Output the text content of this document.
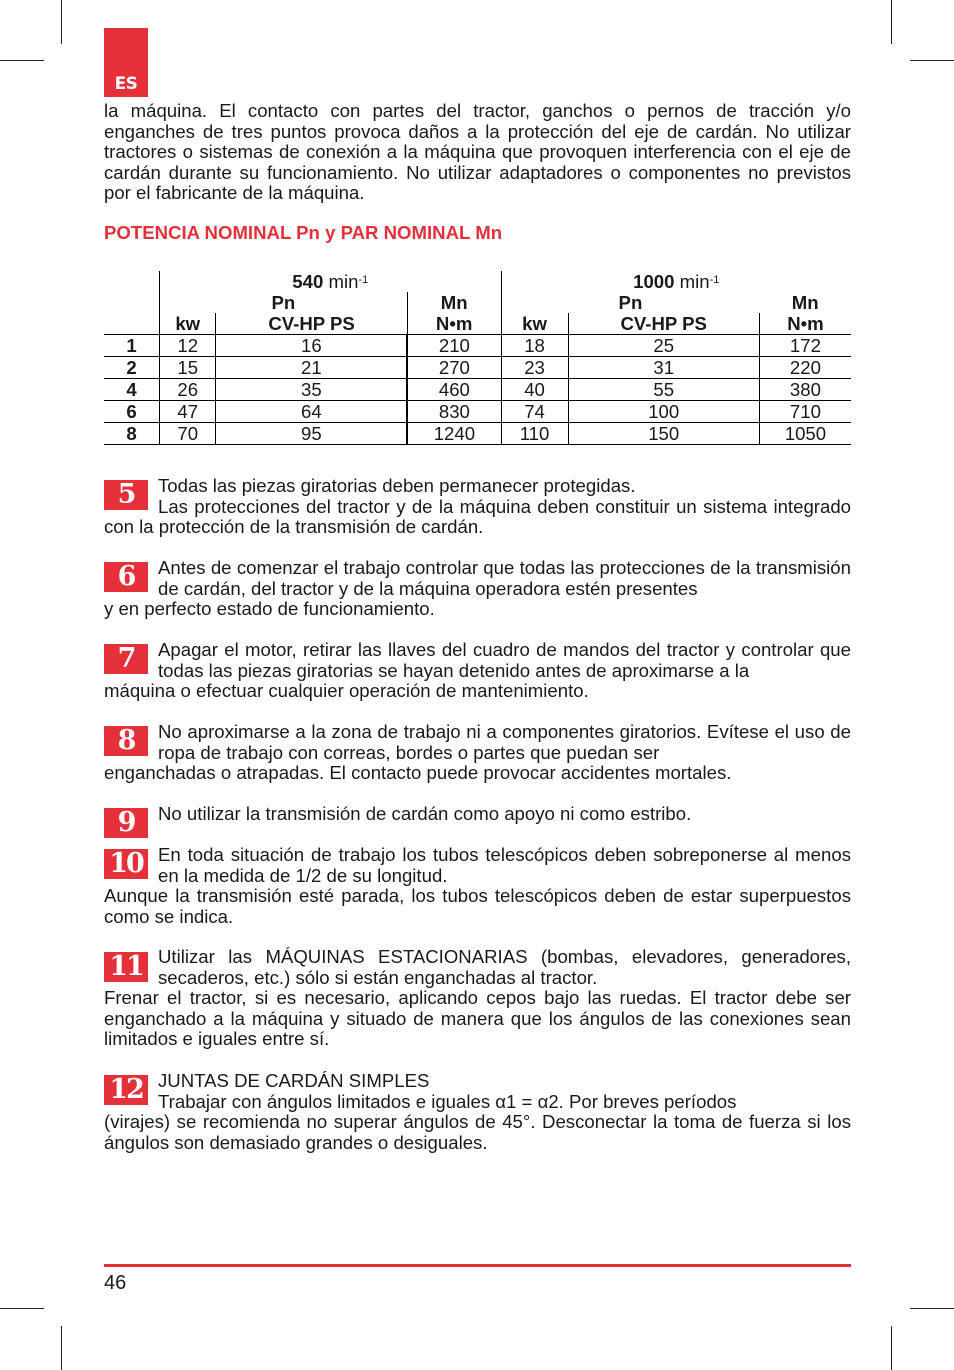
ES
la máquina. El contacto con partes del tractor, ganchos o pernos de tracción y/o enganches de tres puntos provoca daños a la protección del eje de cardán. No utilizar tractores o sistemas de conexión a la máquina que provoquen interferencia con el eje de cardán durante su funcionamiento. No utilizar adaptadores o componentes no previstos por el fabricante de la máquina.
POTENCIA NOMINAL Pn y PAR NOMINAL Mn
	540 $\min^{-1}$			1000 $\min^{-1}$
	Pn		Mn	Pn		Mn
	kw	CV-HP PS	N•m	kw	CV-HP PS	N•m
1	12	16	210	18	25	172
2	15	21	270	23	31	220
4	26	35	460	40	55	380
6	47	64	830	74	100	710
8	70	95	1240	110	150	1050
5	Todas las piezas giratorias deben permanecer protegidas.
Las protecciones del tractor y de la máquina deben constituir un sistema integrado con la protección de la transmisión de cardán.
6	Antes de comenzar el trabajo controlar que todas las protecciones de la transmisión de cardán, del tractor y de la máquina operadora estén presentes
y en perfecto estado de funcionamiento.
7	Apagar el motor, retirar las llaves del cuadro de mandos del tractor y controlar que todas las piezas giratorias se hayan detenido antes de aproximarse a la
máquina o efectuar cualquier operación de mantenimiento.
8	No aproximarse a la zona de trabajo ni a componentes giratorios. Evítese el uso de ropa de trabajo con correas, bordes o partes que puedan ser
enganchadas o atrapadas. El contacto puede provocar accidentes mortales.
9	No utilizar la transmisión de cardán como apoyo ni como estribo.
10 En toda situación de trabajo los tubos telescópicos deben sobreponerse al menos en la medida de 1/2 de su longitud.
Aunque la transmisión esté parada, los tubos telescópicos deben de estar superpuestos como se indica.
11 Utilizar las MÁQUINAS ESTACIONARIAS (bombas, elevadores, generadores, secaderos, etc.) sólo si están enganchadas al tractor.
Frenar el tractor, si es necesario, aplicando cepos bajo las ruedas. El tractor debe ser enganchado a la máquina y situado de manera que los ángulos de las conexiones sean limitados e iguales entre sí.
12 JUNTAS DE CARDÁN SIMPLES
Trabajar con ángulos limitados e iguales α1 = α2. Por breves períodos
(virajes) se recomienda no superar ángulos de 45°. Desconectar la toma de fuerza si los ángulos son demasiado grandes o desiguales.
46
